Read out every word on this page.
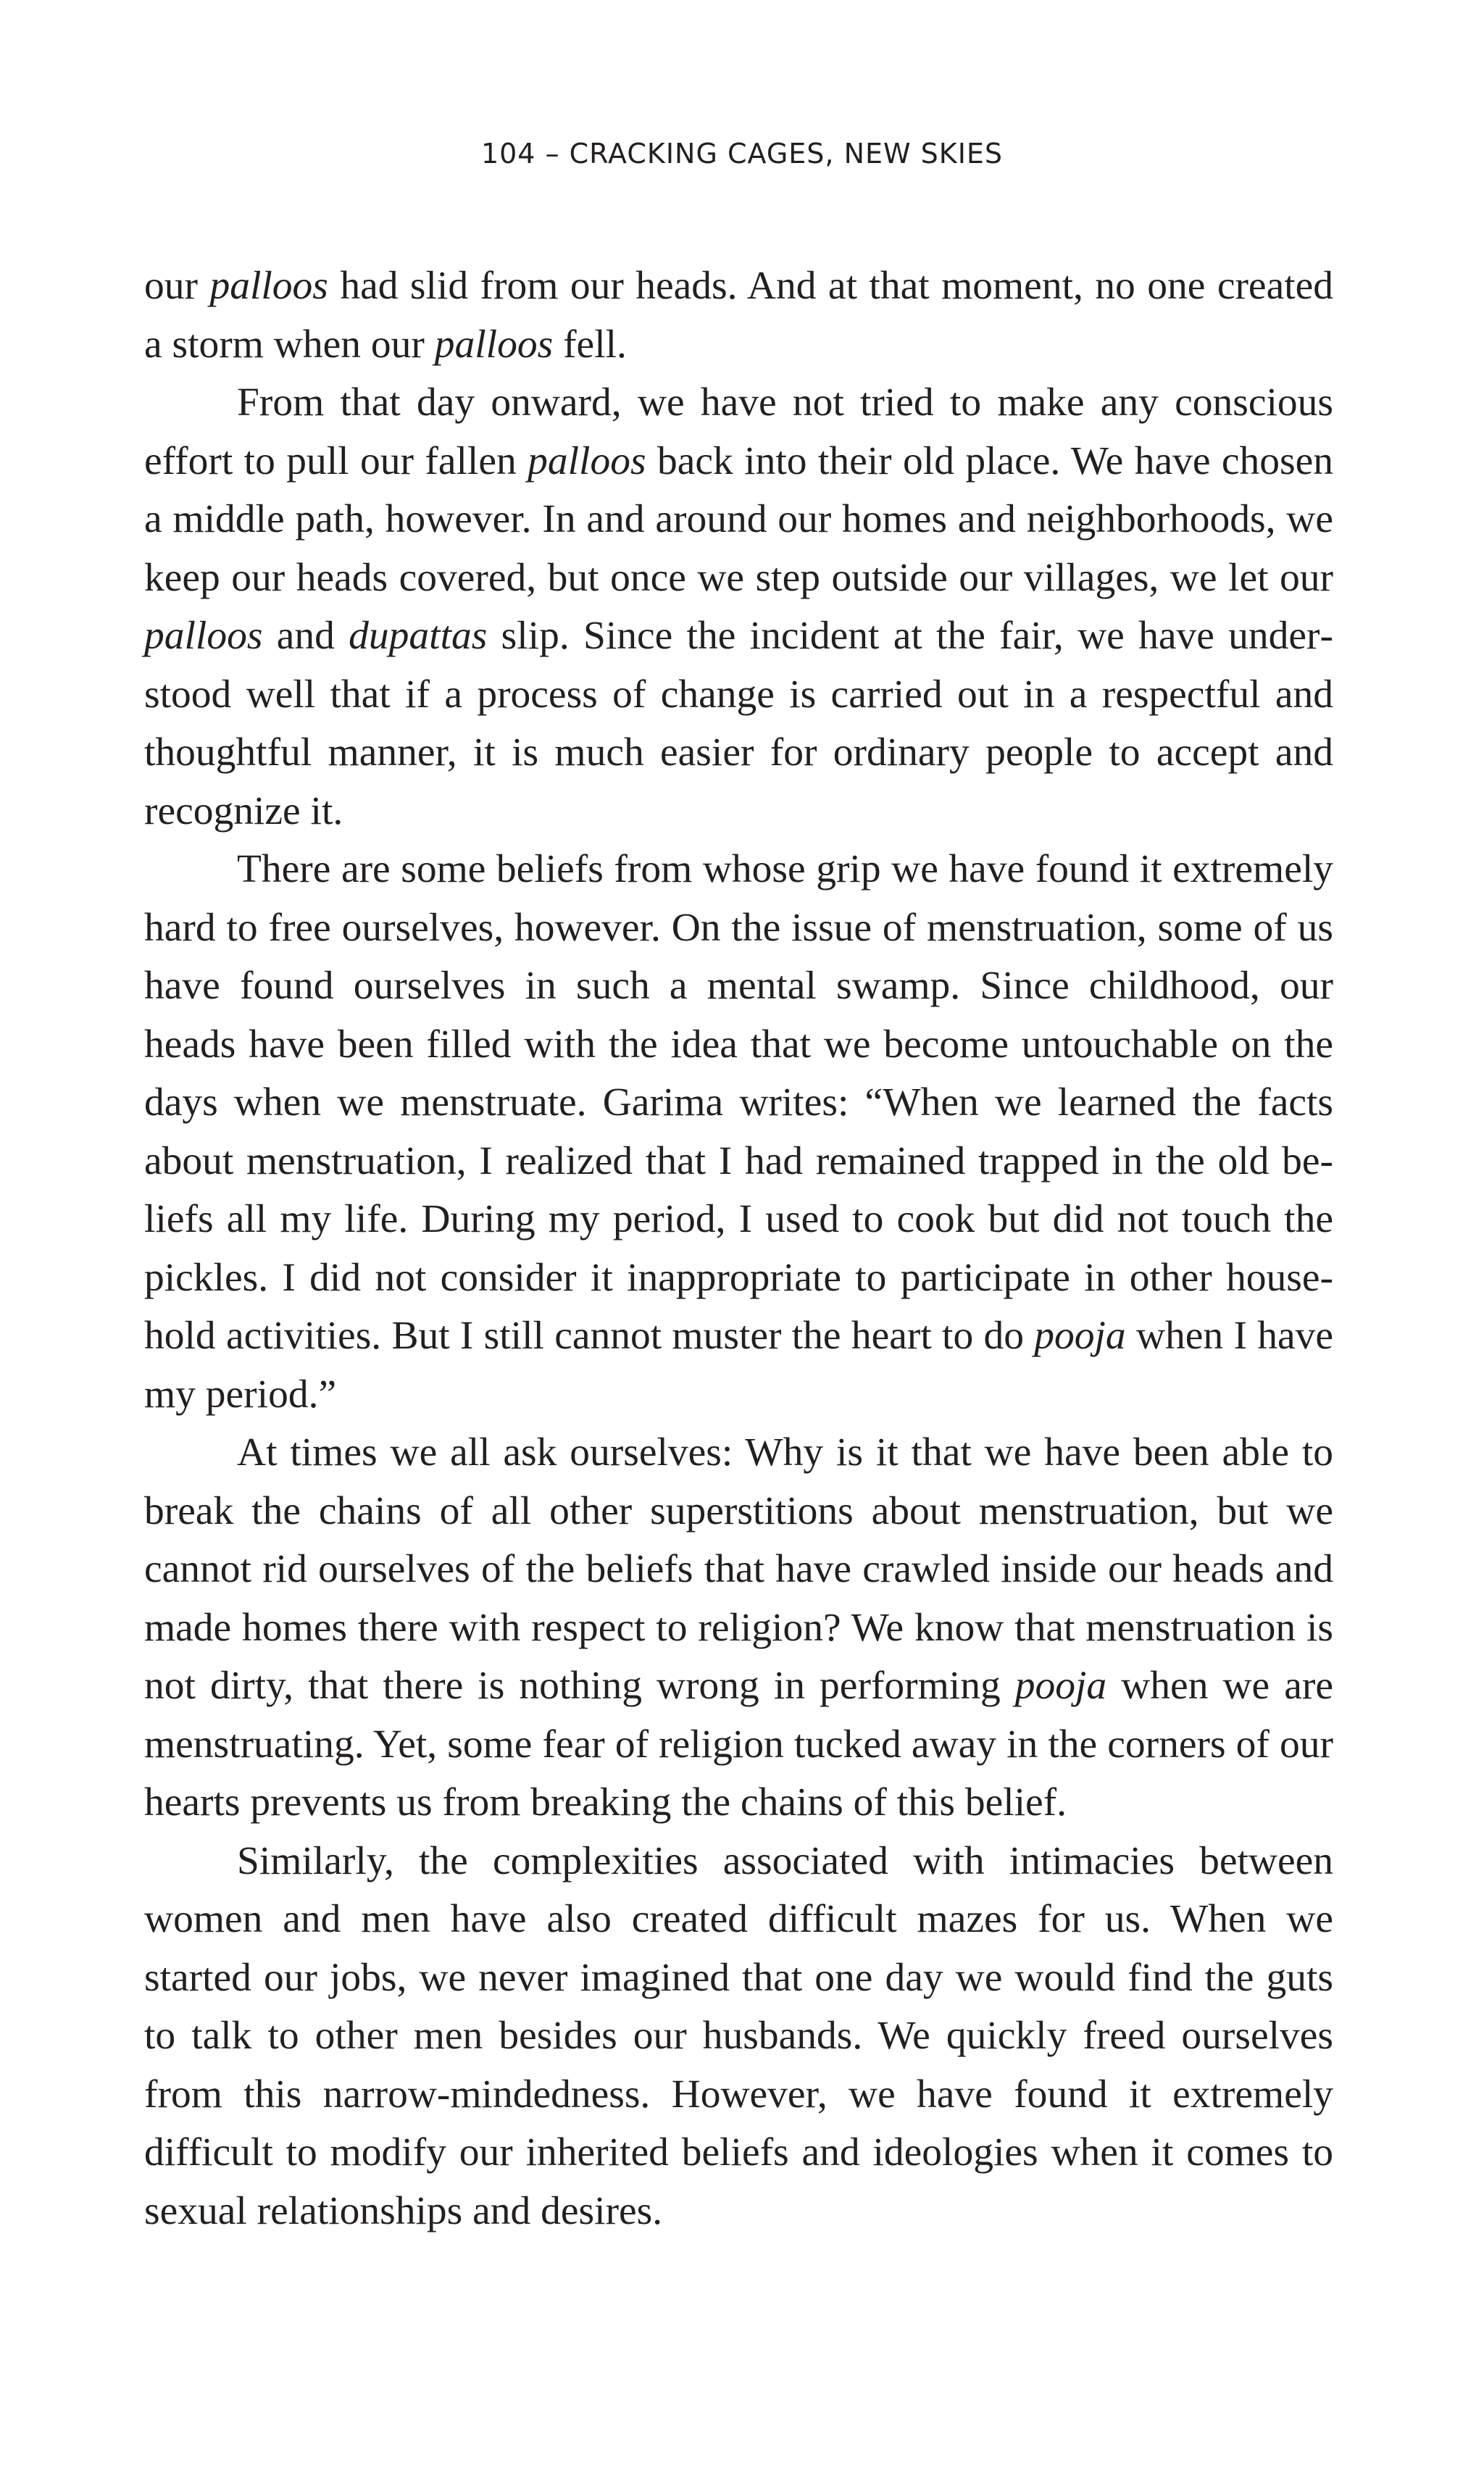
104 – CRACKING CAGES, NEW SKIES

our palloos had slid from our heads. And at that moment, no one created a storm when our palloos fell.

From that day onward, we have not tried to make any conscious effort to pull our fallen palloos back into their old place. We have chosen a middle path, however. In and around our homes and neighborhoods, we keep our heads covered, but once we step outside our villages, we let our palloos and dupattas slip. Since the incident at the fair, we have understood well that if a process of change is carried out in a respectful and thoughtful manner, it is much easier for ordinary people to accept and recognize it.

There are some beliefs from whose grip we have found it extremely hard to free ourselves, however. On the issue of menstruation, some of us have found ourselves in such a mental swamp. Since childhood, our heads have been filled with the idea that we become untouchable on the days when we menstruate. Garima writes: “When we learned the facts about menstruation, I realized that I had remained trapped in the old beliefs all my life. During my period, I used to cook but did not touch the pickles. I did not consider it inappropriate to participate in other household activities. But I still cannot muster the heart to do pooja when I have my period.”

At times we all ask ourselves: Why is it that we have been able to break the chains of all other superstitions about menstruation, but we cannot rid ourselves of the beliefs that have crawled inside our heads and made homes there with respect to religion? We know that menstruation is not dirty, that there is nothing wrong in performing pooja when we are menstruating. Yet, some fear of religion tucked away in the corners of our hearts prevents us from breaking the chains of this belief.

Similarly, the complexities associated with intimacies between women and men have also created difficult mazes for us. When we started our jobs, we never imagined that one day we would find the guts to talk to other men besides our husbands. We quickly freed ourselves from this narrow-mindedness. However, we have found it extremely difficult to modify our inherited beliefs and ideologies when it comes to sexual relationships and desires.
